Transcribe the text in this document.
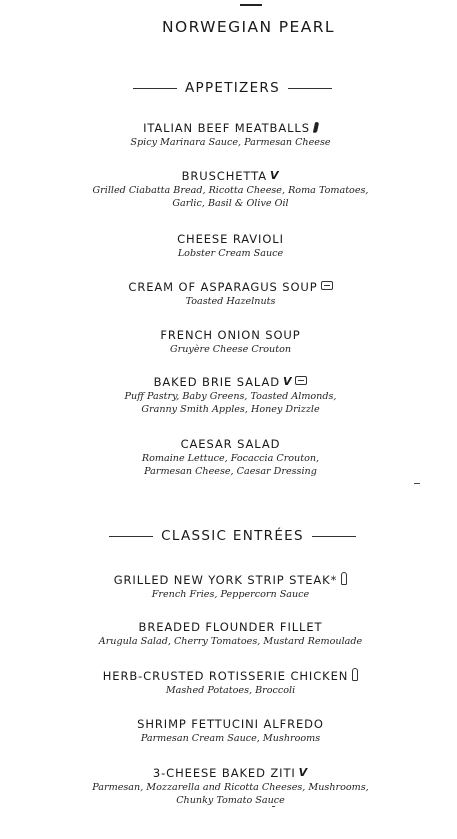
NORWEGIAN PEARL
APPETIZERS
ITALIAN BEEF MEATBALLS
Spicy Marinara Sauce, Parmesan Cheese
BRUSCHETTA V
Grilled Ciabatta Bread, Ricotta Cheese, Roma Tomatoes,
Garlic, Basil & Olive Oil
CHEESE RAVIOLI
Lobster Cream Sauce
CREAM OF ASPARAGUS SOUP
Toasted Hazelnuts
FRENCH ONION SOUP
Gruyère Cheese Crouton
BAKED BRIE SALAD V
Puff Pastry, Baby Greens, Toasted Almonds,
Granny Smith Apples, Honey Drizzle
CAESAR SALAD
Romaine Lettuce, Focaccia Crouton,
Parmesan Cheese, Caesar Dressing
CLASSIC ENTRÉES
GRILLED NEW YORK STRIP STEAK*
French Fries, Peppercorn Sauce
BREADED FLOUNDER FILLET
Arugula Salad, Cherry Tomatoes, Mustard Remoulade
HERB-CRUSTED ROTISSERIE CHICKEN
Mashed Potatoes, Broccoli
SHRIMP FETTUCINI ALFREDO
Parmesan Cream Sauce, Mushrooms
3-CHEESE BAKED ZITI V
Parmesan, Mozzarella and Ricotta Cheeses, Mushrooms,
Chunky Tomato Sauce
